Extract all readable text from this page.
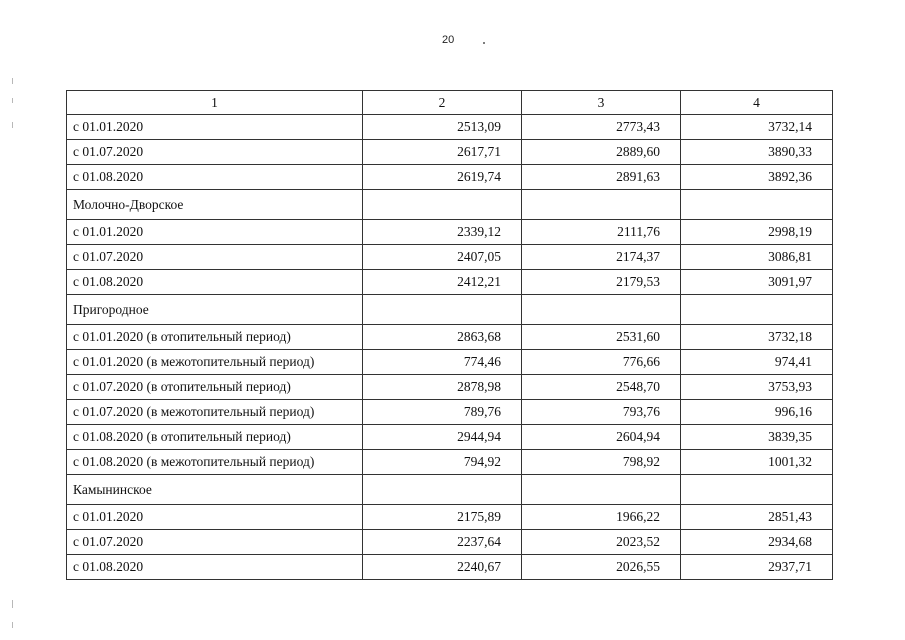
20
1	2	3	4
с 01.01.2020	2513,09	2773,43	3732,14
с 01.07.2020	2617,71	2889,60	3890,33
с 01.08.2020	2619,74	2891,63	3892,36
Молочно-Дворское			
с 01.01.2020	2339,12	2111,76	2998,19
с 01.07.2020	2407,05	2174,37	3086,81
с 01.08.2020	2412,21	2179,53	3091,97
Пригородное			
с 01.01.2020 (в отопительный период)	2863,68	2531,60	3732,18
с 01.01.2020 (в межотопительный период)	774,46	776,66	974,41
с 01.07.2020 (в отопительный период)	2878,98	2548,70	3753,93
с 01.07.2020 (в межотопительный период)	789,76	793,76	996,16
с 01.08.2020 (в отопительный период)	2944,94	2604,94	3839,35
с 01.08.2020 (в межотопительный период)	794,92	798,92	1001,32
Камынинское			
с 01.01.2020	2175,89	1966,22	2851,43
с 01.07.2020	2237,64	2023,52	2934,68
с 01.08.2020	2240,67	2026,55	2937,71
